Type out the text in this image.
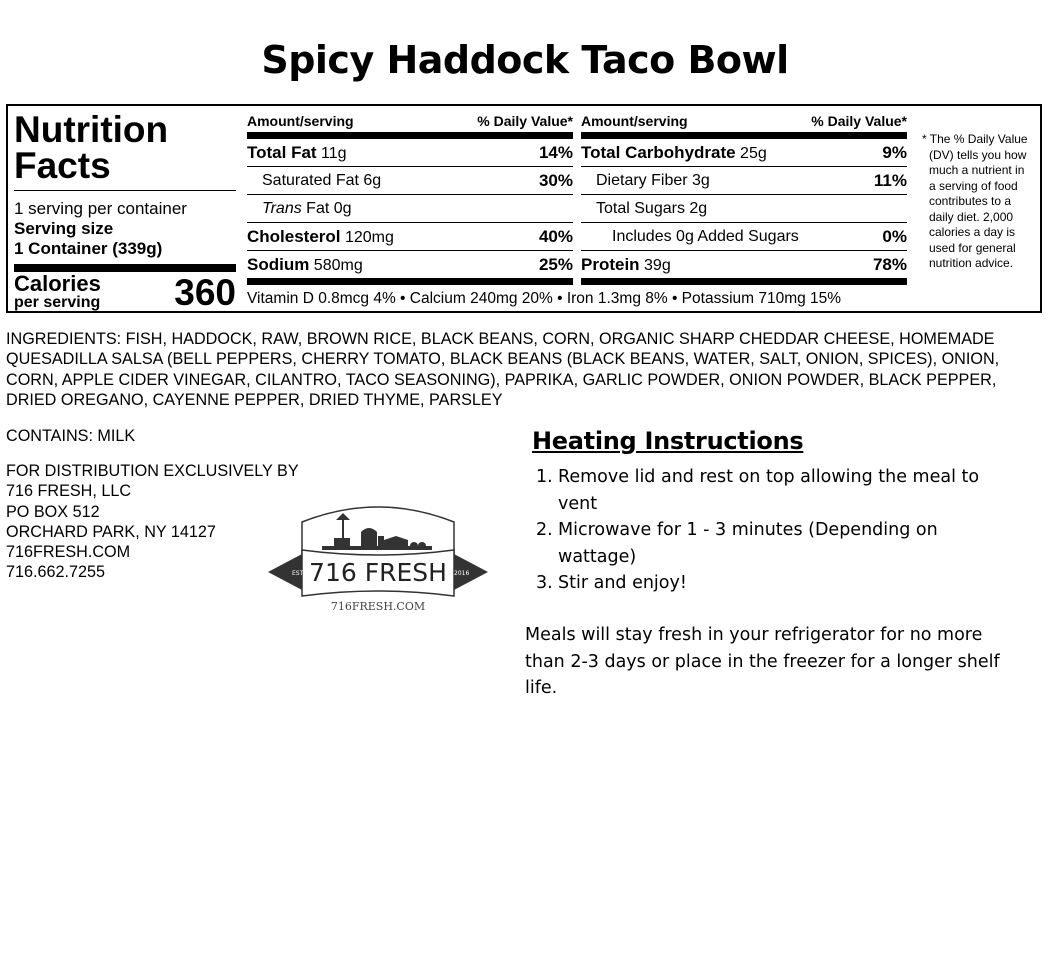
Spicy Haddock Taco Bowl
Nutrition
Facts
1 serving per container
Serving size
1 Container (339g)
Calories
per serving 360
Amount/serving	% Daily Value*
Total Fat 11g	14%
Saturated Fat 6g	30%
Trans Fat 0g
Cholesterol 120mg	40%
Sodium 580mg	25%
Amount/serving	% Daily Value*
Total Carbohydrate 25g	9%
Dietary Fiber 3g	11%
Total Sugars 2g
Includes 0g Added Sugars	0%
Protein 39g	78%
Vitamin D 0.8mcg 4% • Calcium 240mg 20% • Iron 1.3mg 8% • Potassium 710mg 15%
* The % Daily Value
(DV) tells you how
much a nutrient in
a serving of food
contributes to a
daily diet. 2,000
calories a day is
used for general
nutrition advice.
INGREDIENTS: FISH, HADDOCK, RAW, BROWN RICE, BLACK BEANS, CORN, ORGANIC SHARP CHEDDAR CHEESE, HOMEMADE QUESADILLA SALSA (BELL PEPPERS, CHERRY TOMATO, BLACK BEANS (BLACK BEANS, WATER, SALT, ONION, SPICES), ONION, CORN, APPLE CIDER VINEGAR, CILANTRO, TACO SEASONING), PAPRIKA, GARLIC POWDER, ONION POWDER, BLACK PEPPER, DRIED OREGANO, CAYENNE PEPPER, DRIED THYME, PARSLEY
CONTAINS: MILK
FOR DISTRIBUTION EXCLUSIVELY BY
716 FRESH, LLC
PO BOX 512
ORCHARD PARK, NY 14127
716FRESH.COM
716.662.7255	EST.	2016
716 FRESH
716FRESH.COM
Heating Instructions
1. Remove lid and rest on top allowing the meal to vent
2. Microwave for 1 - 3 minutes (Depending on wattage)
3. Stir and enjoy!
Meals will stay fresh in your refrigerator for no more than 2-3 days or place in the freezer for a longer shelf life.
